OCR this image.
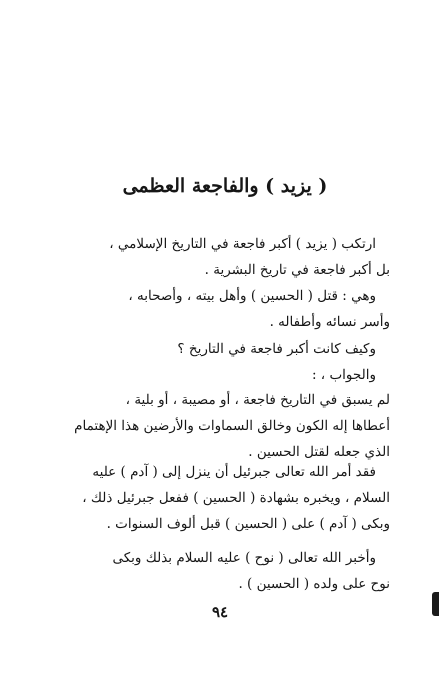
( يزيد ) والفاجعة العظمى
ارتكب ( يزيد ) أكبر فاجعة في التاريخ الإسلامي ،
بل أكبر فاجعة في تاريخ البشرية .
وهي : قتل ( الحسين ) وأهل بيته ، وأصحابه ،
وأسر نسائه وأطفاله .
وكيف كانت أكبر فاجعة في التاريخ ؟
والجواب ، :
لم يسبق في التاريخ فاجعة ، أو مصيبة ، أو بلية ،
أعطاها إله الكون وخالق السماوات والأرضين هذا الإهتمام
الذي جعله لقتل الحسين .
فقد أمر الله تعالى جبرئيل أن ينزل إلى ( آدم ) عليه
السلام ، ويخبره بشهادة ( الحسين ) ففعل جبرئيل ذلك ،
وبكى ( آدم ) على ( الحسين ) قبل ألوف السنوات .
وأخبر الله تعالى ( نوح ) عليه السلام بذلك وبكى
نوح على ولده ( الحسين ) .
٩٤
